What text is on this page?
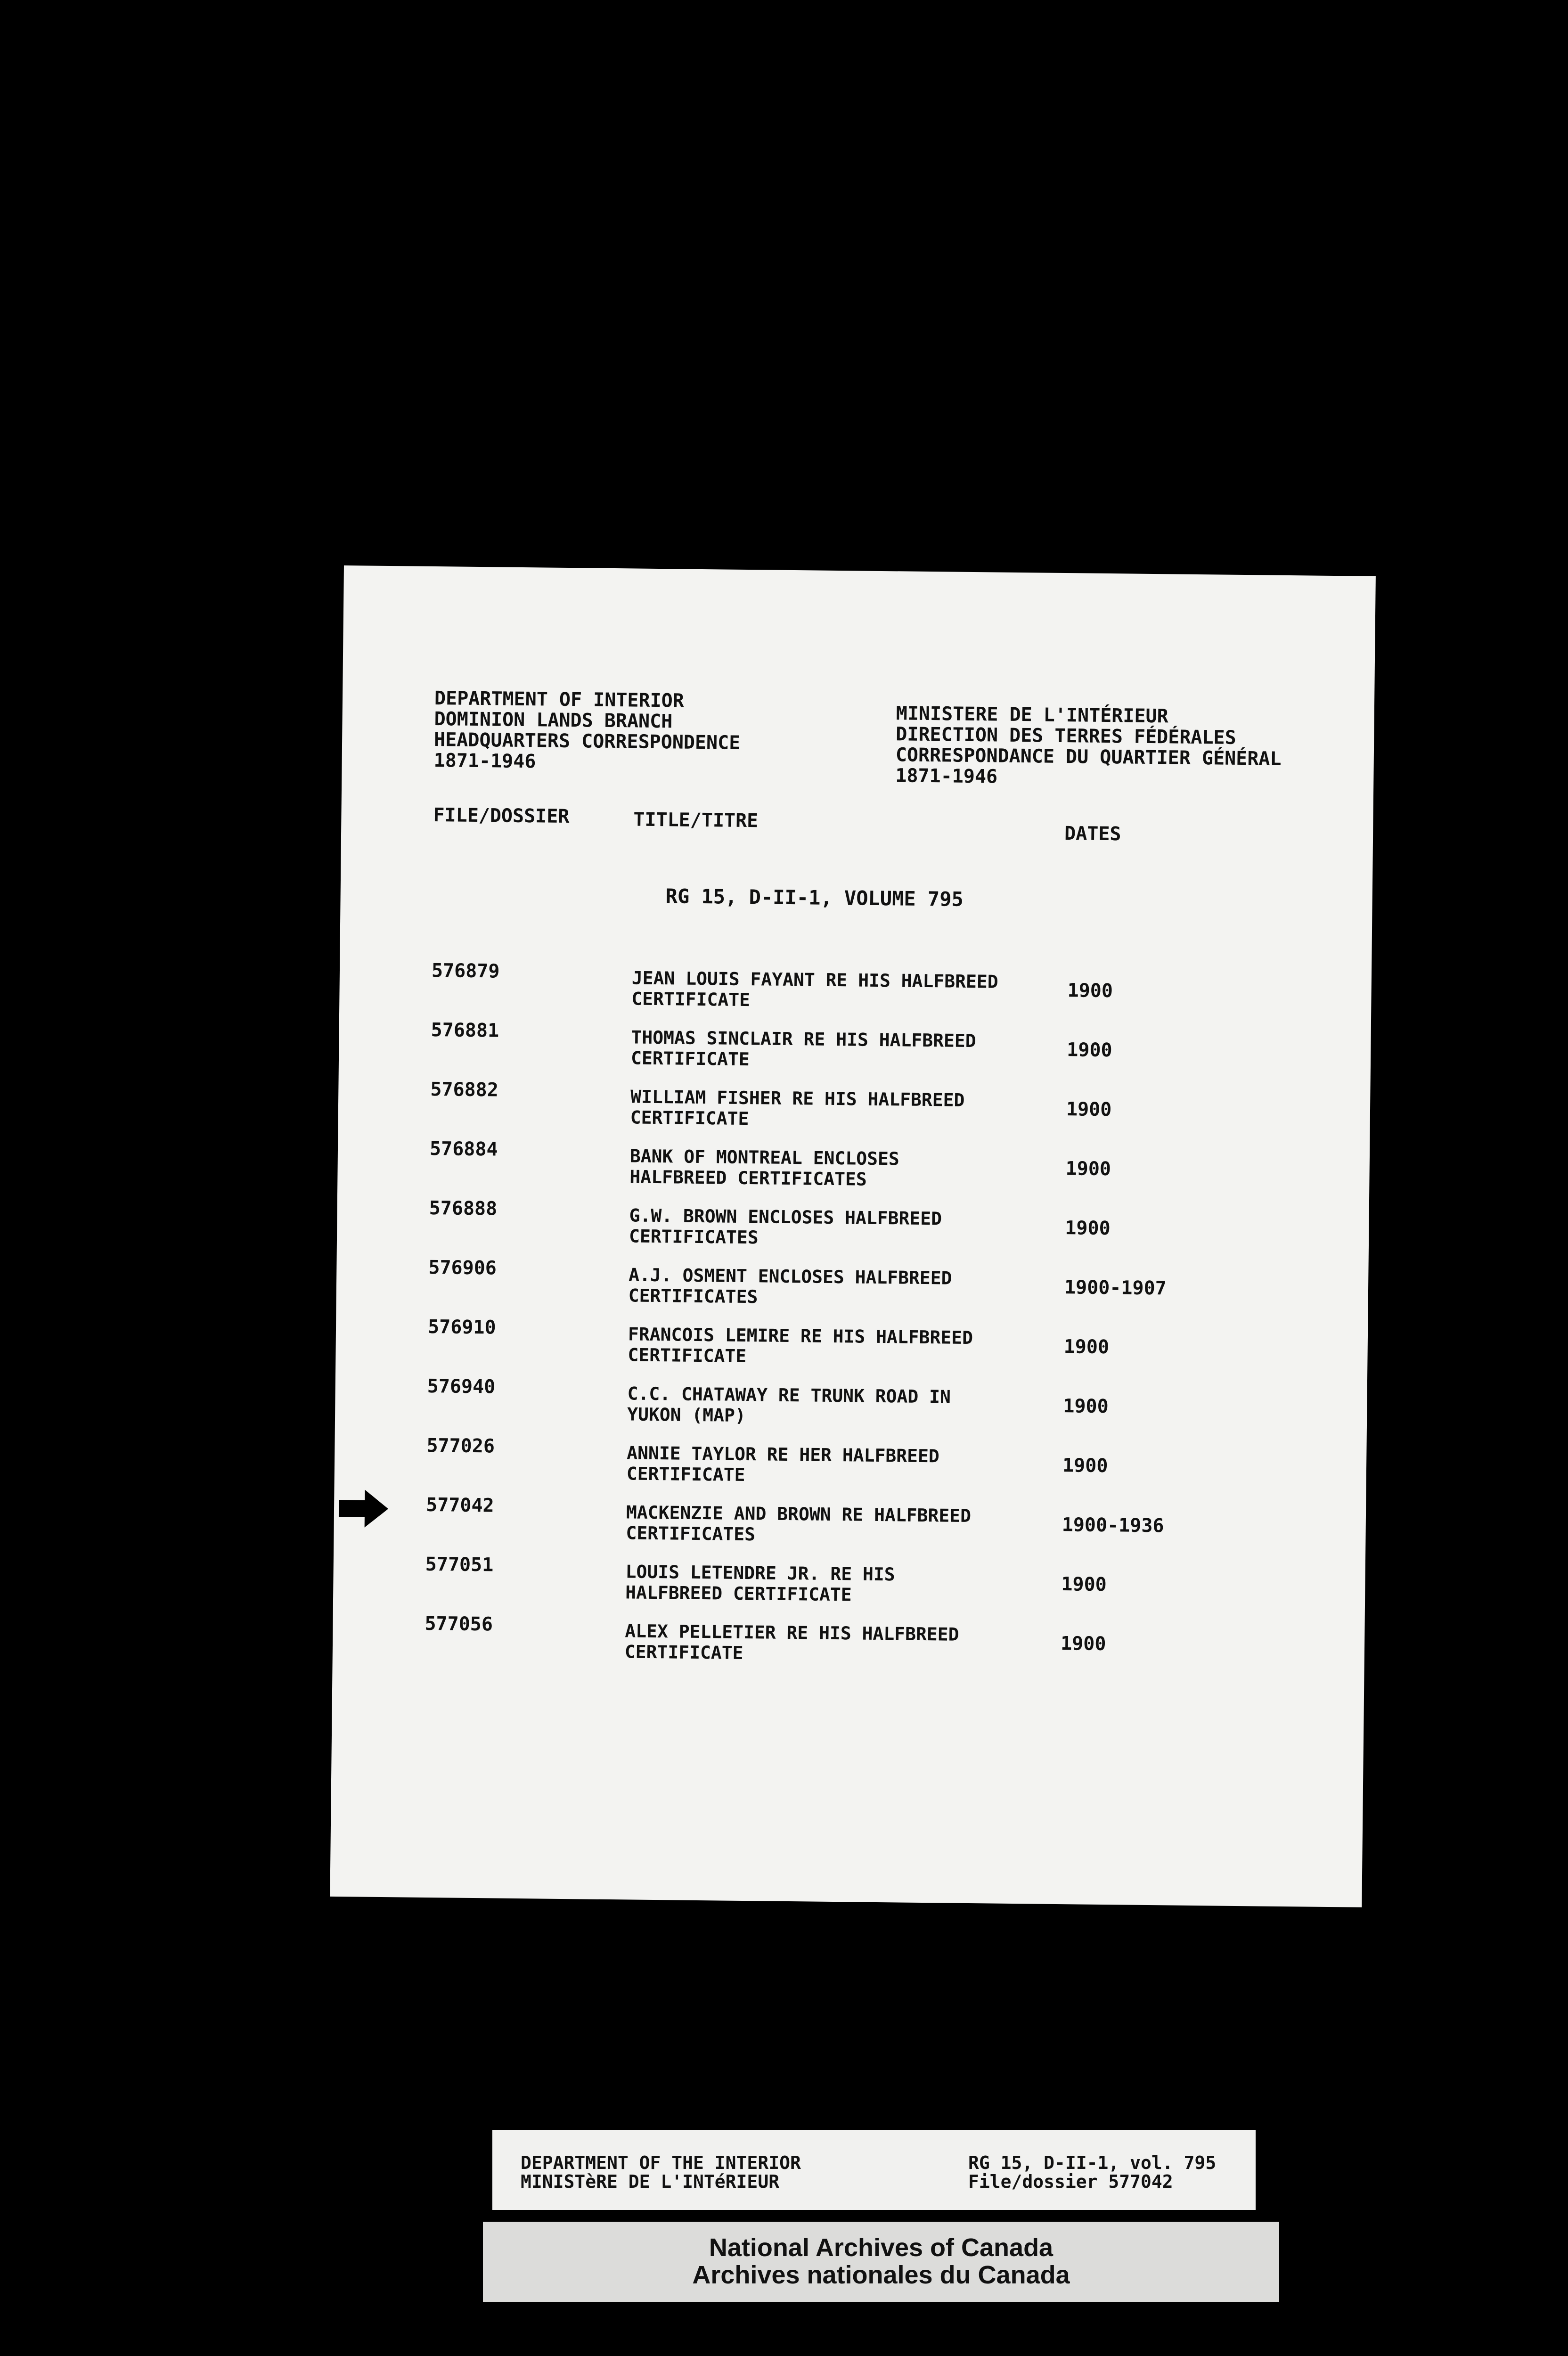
DEPARTMENT OF INTERIOR
DOMINION LANDS BRANCH
HEADQUARTERS CORRESPONDENCE
1871-1946
MINISTERE DE L'INTÉRIEUR
DIRECTION DES TERRES FÉDÉRALES
CORRESPONDANCE DU QUARTIER GÉNÉRAL
1871-1946
FILE/DOSSIER	TITLE/TITRE
DATES
RG 15, D-II-1, VOLUME 795
576879	JEAN LOUIS FAYANT RE HIS HALFBREED
CERTIFICATE	1900
576881	THOMAS SINCLAIR RE HIS HALFBREED
CERTIFICATE	1900
576882	WILLIAM FISHER RE HIS HALFBREED
CERTIFICATE	1900
576884	BANK OF MONTREAL ENCLOSES
HALFBREED CERTIFICATES	1900
576888	G.W. BROWN ENCLOSES HALFBREED
CERTIFICATES	1900
576906	A.J. OSMENT ENCLOSES HALFBREED
CERTIFICATES	1900-1907
576910	FRANCOIS LEMIRE RE HIS HALFBREED
CERTIFICATE	1900
576940	C.C. CHATAWAY RE TRUNK ROAD IN
YUKON (MAP)	1900
577026	ANNIE TAYLOR RE HER HALFBREED
CERTIFICATE	1900
577042	MACKENZIE AND BROWN RE HALFBREED
CERTIFICATES	1900-1936
577051	LOUIS LETENDRE JR. RE HIS
HALFBREED CERTIFICATE	1900
577056	ALEX PELLETIER RE HIS HALFBREED
CERTIFICATE	1900
DEPARTMENT OF THE INTERIOR
MINISTèRE DE L'INTéRIEUR
RG 15, D-II-1, vol. 795
File/dossier 577042
National Archives of Canada
Archives nationales du Canada
